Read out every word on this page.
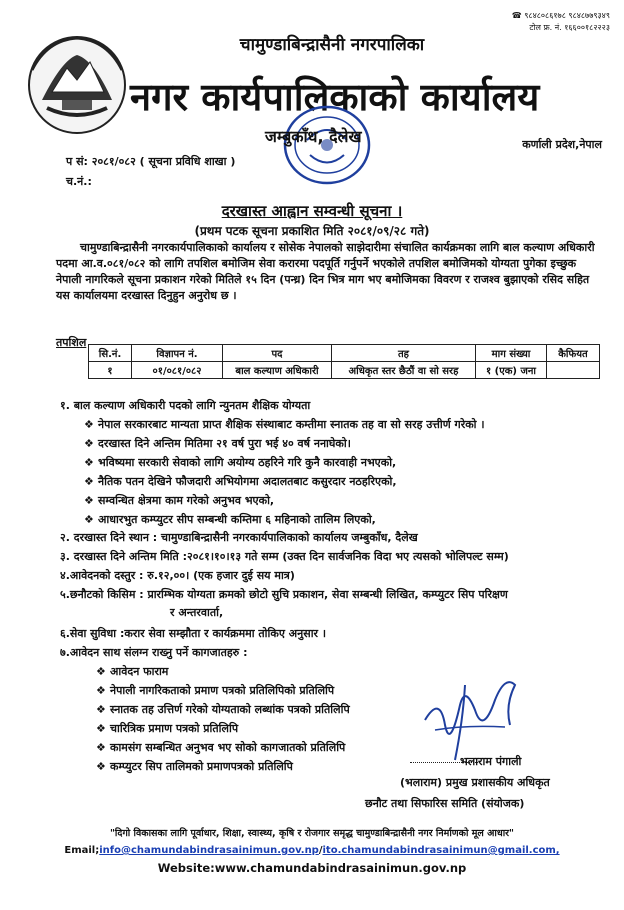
☎ ९८४८०८६१७८ ९८४८७७९३४९
टोल फ्र. नं. १६६००१८२२२३
चामुण्डाबिन्द्रासैनी नगरपालिका
नगर कार्यपालिकाको कार्यालय
जम्बुकाँध, दैलेख	कर्णाली प्रदेश,नेपाल
प सं: २०८१/०८२ ( सूचना प्रविधि शाखा )
च.नं.:
दरखास्त आह्वान सम्वन्धी सूचना ।
(प्रथम पटक सूचना प्रकाशित मिति २०८१/०९/२८ गते)
चामुण्डाबिन्द्रासैनी नगरकार्यपालिकाको कार्यालय र सोसेक नेपालको साझेदारीमा संचालित कार्यक्रमका लागि बाल कल्याण अधिकारी पदमा आ.व.०८१/०८२ को लागि तपशिल बमोजिम सेवा करारमा पदपूर्ति गर्नुपर्ने भएकोले तपशिल बमोजिमको योग्यता पुगेका इच्छुक नेपाली नागरिकले सूचना प्रकाशन गरेको मितिले १५ दिन (पन्ध्र) दिन भित्र माग भए बमोजिमका विवरण र राजश्व बुझाएको रसिद सहित यस कार्यालयमा दरखास्त दिनुहुन अनुरोध छ ।
तपशिल
सि.नं.	विज्ञापन नं.	पद	तह	माग संख्या	कैफियत
१	०१/०८१/०८२	बाल कल्याण अधिकारी	अधिकृत स्तर छैठौं वा सो सरह	१ (एक) जना	
१. बाल कल्याण अधिकारी पदको लागि न्युनतम शैक्षिक योग्यता
❖ नेपाल सरकारबाट मान्यता प्राप्त शैक्षिक संस्थाबाट कम्तीमा स्नातक तह वा सो सरह उत्तीर्ण गरेको ।
❖ दरखास्त दिने अन्तिम मितिमा २१ वर्ष पुरा भई ४० वर्ष ननाघेको।
❖ भविष्यमा सरकारी सेवाको लागि अयोग्य ठहरिने गरि कुनै कारवाही नभएको,
❖ नैतिक पतन देखिने फौजदारी अभियोगमा अदालतबाट कसुरदार नठहरिएको,
❖ सम्वन्धित क्षेत्रमा काम गरेको अनुभव भएको,
❖ आधारभुत कम्प्युटर सीप सम्बन्धी कम्तिमा ६ महिनाको तालिम लिएको,
२. दरखास्त दिने स्थान : चामुण्डाबिन्द्रासैनी नगरकार्यपालिकाको कार्यालय जम्बुकाँध, दैलेख
३. दरखास्त दिने अन्तिम मिति :२०८१।१०।१३ गते सम्म (उक्त दिन सार्वजनिक विदा भए त्यसको भोलिपल्ट सम्म)
४.आवेदनको दस्तुर : रु.१२,००। (एक हजार दुई सय मात्र)
५.छनौटको किसिम : प्रारम्भिक योग्यता क्रमको छोटो सुचि प्रकाशन, सेवा सम्बन्धी लिखित, कम्प्युटर सिप परिक्षण
र अन्तरवार्ता,
६.सेवा सुविधा :करार सेवा सम्झौता र कार्यक्रममा तोकिए अनुसार ।
७.आवेदन साथ संलग्न राख्नु पर्ने कागजातहरु :
❖ आवेदन फाराम
❖ नेपाली नागरिकताको प्रमाण पत्रको प्रतिलिपिको प्रतिलिपि
❖ स्नातक तह उत्तिर्ण गरेको योग्यताको लब्धांक पत्रको प्रतिलिपि
❖ चारित्रिक प्रमाण पत्रको प्रतिलिपि
❖ कामसंग सम्बन्धित अनुभव भए सोको कागजातको प्रतिलिपि
❖ कम्प्युटर सिप तालिमको प्रमाणपत्रको प्रतिलिपि	भलाराम पंगाली
(भलाराम) प्रमुख प्रशासकीय अधिकृत
छनौट तथा सिफारिस समिति (संयोजक)
"दिगो विकासका लागि पूर्वाधार, शिक्षा, स्वास्थ्य, कृषि र रोजगार समृद्ध चामुण्डाबिन्द्रासैनी नगर निर्माणको मूल आधार"
Email;info@chamundabindrasainimun.gov.np/ito.chamundabindrasainimun@gmail.com,
Website:www.chamundabindrasainimun.gov.np
